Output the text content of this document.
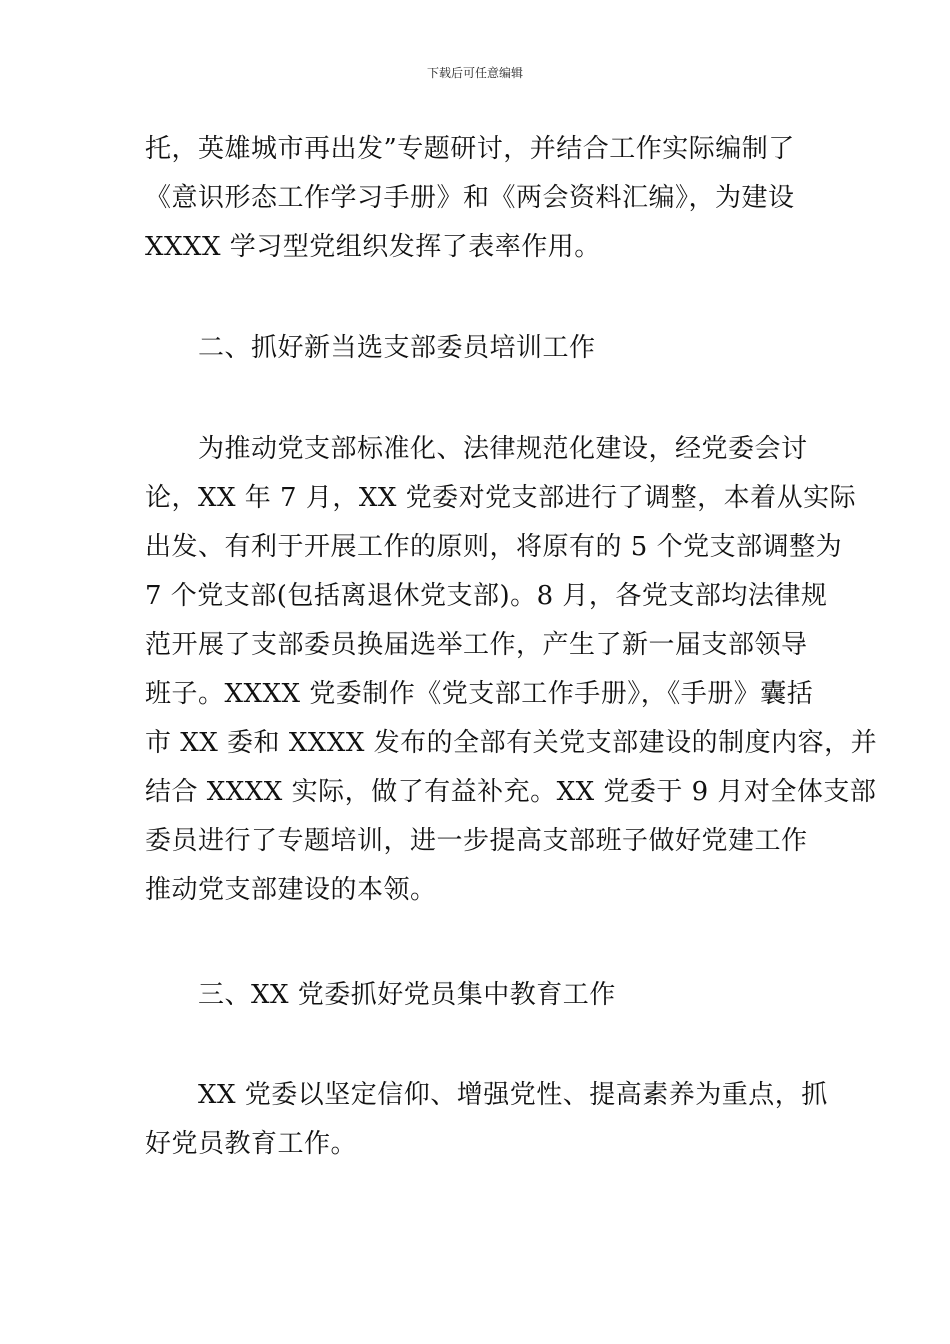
下载后可任意编辑
托，英雄城市再出发”专题研讨，并结合工作实际编制了
《意识形态工作学习手册》和《两会资料汇编》，为建设
XXXX 学习型党组织发挥了表率作用。
二、抓好新当选支部委员培训工作
为推动党支部标准化、法律规范化建设，经党委会讨
论，XX 年 7 月，XX 党委对党支部进行了调整，本着从实际
出发、有利于开展工作的原则，将原有的 5 个党支部调整为
7 个党支部(包括离退休党支部)。8 月，各党支部均法律规
范开展了支部委员换届选举工作，产生了新一届支部领导
班子。XXXX 党委制作《党支部工作手册》，《手册》囊括
市 XX 委和 XXXX 发布的全部有关党支部建设的制度内容，并
结合 XXXX 实际，做了有益补充。XX 党委于 9 月对全体支部
委员进行了专题培训，进一步提高支部班子做好党建工作
推动党支部建设的本领。
三、XX 党委抓好党员集中教育工作
XX 党委以坚定信仰、增强党性、提高素养为重点，抓
好党员教育工作。
